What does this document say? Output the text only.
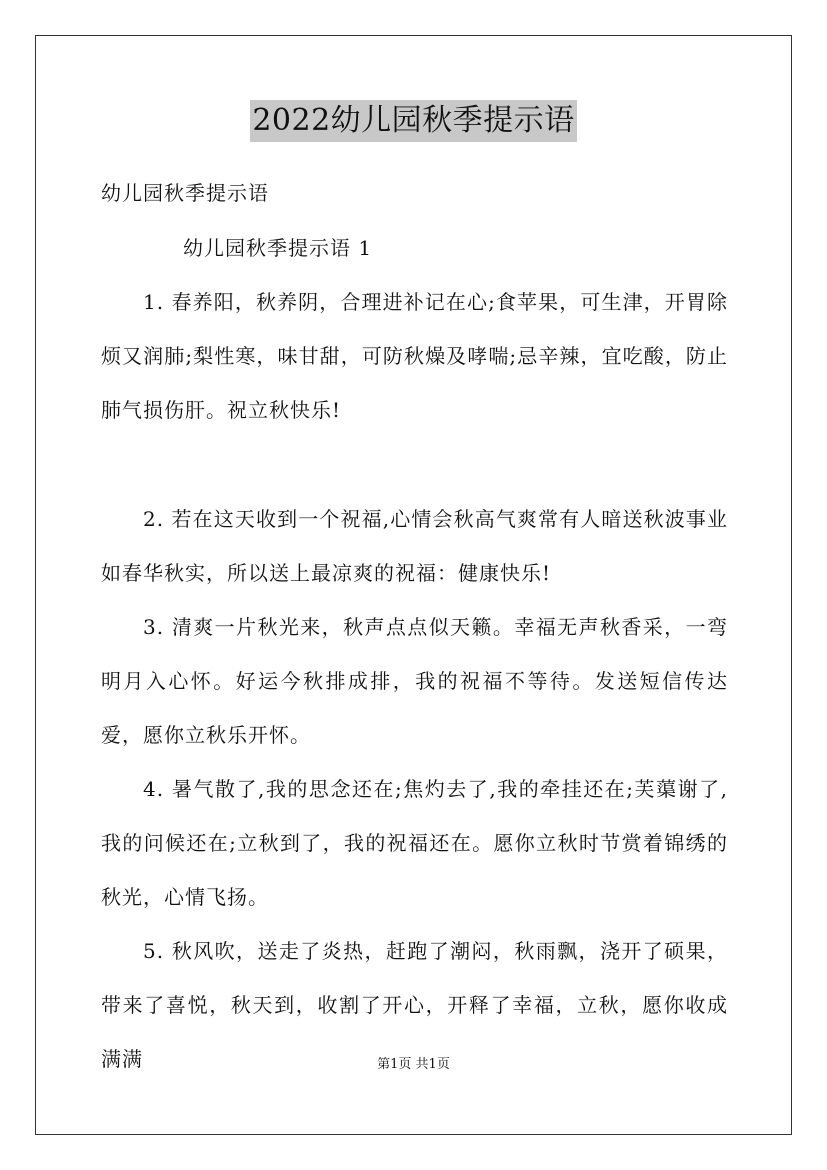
2022幼儿园秋季提示语
幼儿园秋季提示语
幼儿园秋季提示语 1

1. 春养阳，秋养阴，合理进补记在心;食苹果，可生津，开胃除烦又润肺;梨性寒，味甘甜，可防秋燥及哮喘;忌辛辣，宜吃酸，防止肺气损伤肝。祝立秋快乐!

2. 若在这天收到一个祝福,心情会秋高气爽常有人暗送秋波事业如春华秋实，所以送上最凉爽的祝福：健康快乐!

3. 清爽一片秋光来，秋声点点似天籁。幸福无声秋香采，一弯明月入心怀。好运今秋排成排，我的祝福不等待。发送短信传达爱，愿你立秋乐开怀。

4. 暑气散了,我的思念还在;焦灼去了,我的牵挂还在;芙蕖谢了,我的问候还在;立秋到了，我的祝福还在。愿你立秋时节赏着锦绣的秋光，心情飞扬。

5. 秋风吹，送走了炎热，赶跑了潮闷，秋雨飘，浇开了硕果，带来了喜悦，秋天到，收割了开心，开释了幸福，立秋，愿你收成满满	第1页 共1页
